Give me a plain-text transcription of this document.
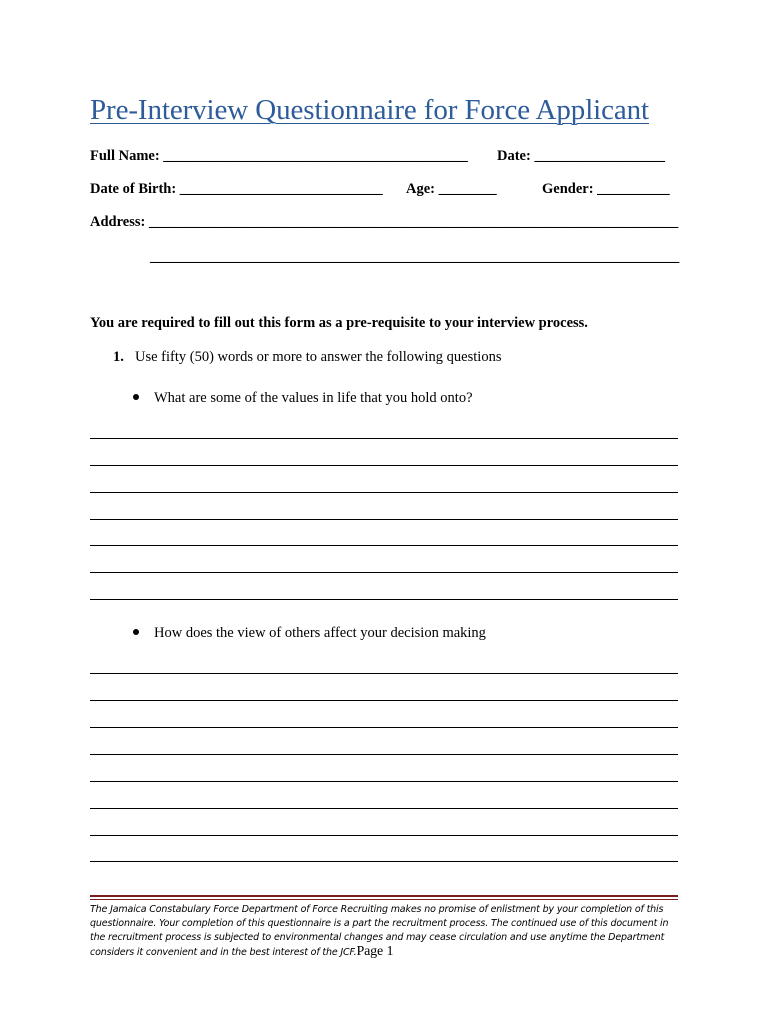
Pre-Interview Questionnaire for Force Applicant
Full Name: __________________________________________ Date: __________________
Date of Birth: ____________________________ Age: ________	Gender: __________
Address: _________________________________________________________________________
_________________________________________________________________________
You are required to fill out this form as a pre-requisite to your interview process.
1. Use fifty (50) words or more to answer the following questions
What are some of the values in life that you hold onto?
How does the view of others affect your decision making
The Jamaica Constabulary Force Department of Force Recruiting makes no promise of enlistment by your completion of this questionnaire. Your completion of this questionnaire is a part the recruitment process. The continued use of this document in the recruitment process is subjected to environmental changes and may cease circulation and use anytime the Department considers it convenient and in the best interest of the JCF.Page 1
